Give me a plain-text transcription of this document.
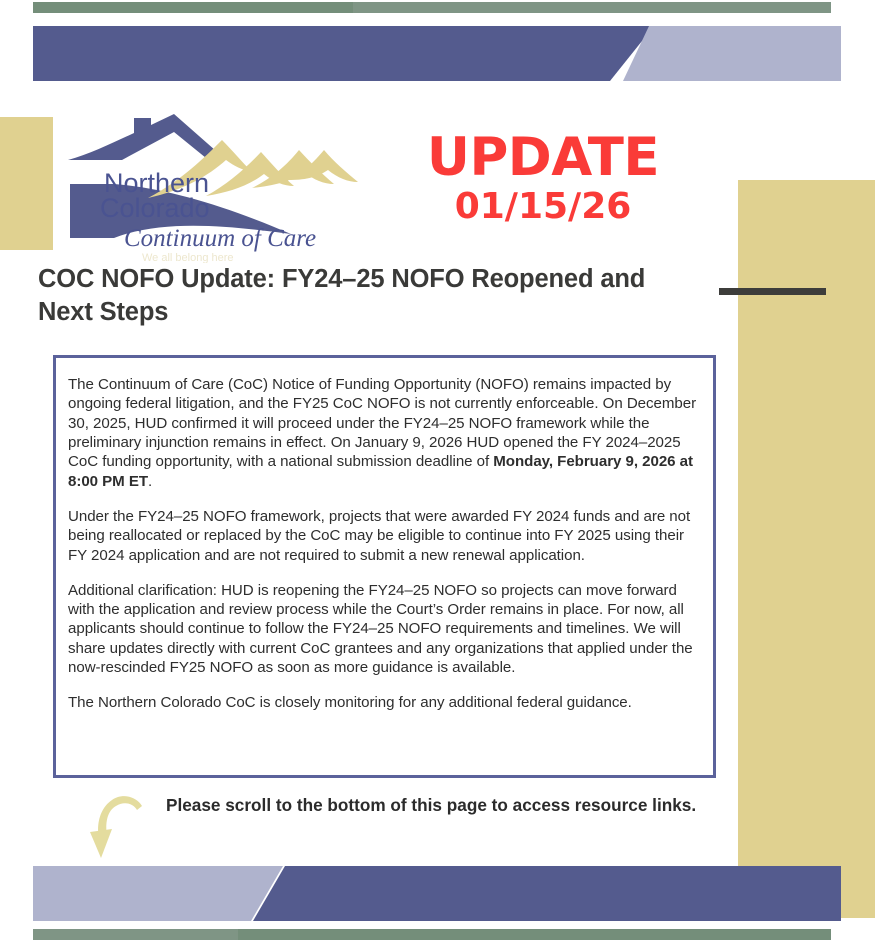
Northern
Colorado
Continuum of Care
We all belong here
UPDATE
01/15/26
COC NOFO Update: FY24–25 NOFO Reopened and Next Steps

The Continuum of Care (CoC) Notice of Funding Opportunity (NOFO) remains impacted by ongoing federal litigation, and the FY25 CoC NOFO is not currently enforceable. On December 30, 2025, HUD confirmed it will proceed under the FY24–25 NOFO framework while the preliminary injunction remains in effect. On January 9, 2026 HUD opened the FY 2024–2025 CoC funding opportunity, with a national submission deadline of Monday, February 9, 2026 at 8:00 PM ET.

Under the FY24–25 NOFO framework, projects that were awarded FY 2024 funds and are not being reallocated or replaced by the CoC may be eligible to continue into FY 2025 using their FY 2024 application and are not required to submit a new renewal application.

Additional clarification: HUD is reopening the FY24–25 NOFO so projects can move forward with the application and review process while the Court’s Order remains in place. For now, all applicants should continue to follow the FY24–25 NOFO requirements and timelines. We will share updates directly with current CoC grantees and any organizations that applied under the now-rescinded FY25 NOFO as soon as more guidance is available.

The Northern Colorado CoC is closely monitoring for any additional federal guidance.

Please scroll to the bottom of this page to access resource links.
